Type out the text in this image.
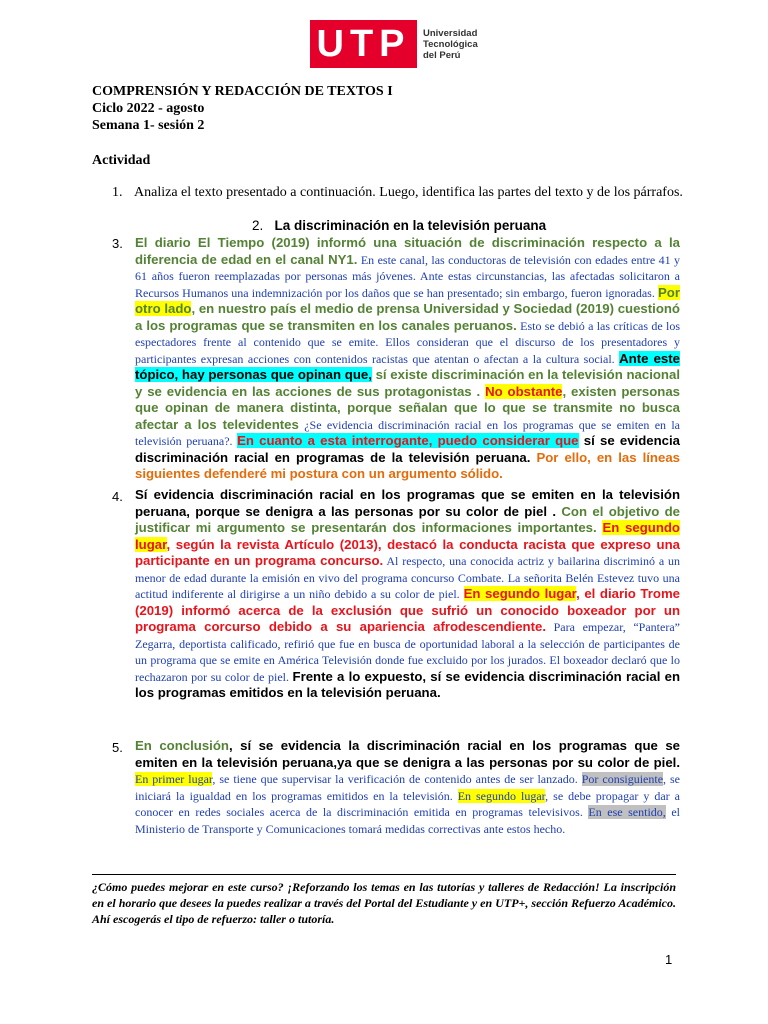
UTP	Universidad
Tecnológica
del Perú
COMPRENSIÓN Y REDACCIÓN DE TEXTOS I
Ciclo 2022 - agosto
Semana 1- sesión 2
Actividad
1. Analiza el texto presentado a continuación. Luego, identifica las partes del texto y de los párrafos.
2. La discriminación en la televisión peruana
3. El diario El Tiempo (2019) informó una situación de discriminación respecto a la diferencia de edad en el canal NY1. En este canal, las conductoras de televisión con edades entre 41 y 61 años fueron reemplazadas por personas más jóvenes. Ante estas circunstancias, las afectadas solicitaron a Recursos Humanos una indemnización por los daños que se han presentado; sin embargo, fueron ignoradas. Por otro lado, en nuestro país el medio de prensa Universidad y Sociedad (2019) cuestionó a los programas que se transmiten en los canales peruanos. Esto se debió a las críticas de los espectadores frente al contenido que se emite. Ellos consideran que el discurso de los presentadores y participantes expresan acciones con contenidos racistas que atentan o afectan a la cultura social. Ante este tópico, hay personas que opinan que, sí existe discriminación en la televisión nacional y se evidencia en las acciones de sus protagonistas . No obstante, existen personas que opinan de manera distinta, porque señalan que lo que se transmite no busca afectar a los televidentes ¿Se evidencia discriminación racial en los programas que se emiten en la televisión peruana?. En cuanto a esta interrogante, puedo considerar que sí se evidencia discriminación racial en programas de la televisión peruana. Por ello, en las líneas siguientes defenderé mi postura con un argumento sólido.
4. Sí evidencia discriminación racial en los programas que se emiten en la televisión peruana, porque se denigra a las personas por su color de piel . Con el objetivo de justificar mi argumento se presentarán dos informaciones importantes. En segundo lugar, según la revista Artículo (2013), destacó la conducta racista que expreso una participante en un programa concurso. Al respecto, una conocida actriz y bailarina discriminó a un menor de edad durante la emisión en vivo del programa concurso Combate. La señorita Belén Estevez tuvo una actitud indiferente al dirigirse a un niño debido a su color de piel. En segundo lugar, el diario Trome (2019) informó acerca de la exclusión que sufrió un conocido boxeador por un programa corcurso debido a su apariencia afrodescendiente. Para empezar, “Pantera” Zegarra, deportista calificado, refirió que fue en busca de oportunidad laboral a la selección de participantes de un programa que se emite en América Televisión donde fue excluido por los jurados. El boxeador declaró que lo rechazaron por su color de piel. Frente a lo expuesto, sí se evidencia discriminación racial en los programas emitidos en la televisión peruana.
5. En conclusión, sí se evidencia la discriminación racial en los programas que se emiten en la televisión peruana,ya que se denigra a las personas por su color de piel. En primer lugar, se tiene que supervisar la verificación de contenido antes de ser lanzado. Por consiguiente, se iniciará la igualdad en los programas emitidos en la televisión. En segundo lugar, se debe propagar y dar a conocer en redes sociales acerca de la discriminación emitida en programas televisivos. En ese sentido, el Ministerio de Transporte y Comunicaciones tomará medidas correctivas ante estos hecho.
¿Cómo puedes mejorar en este curso? ¡Reforzando los temas en las tutorías y talleres de Redacción! La inscripción en el horario que desees la puedes realizar a través del Portal del Estudiante y en UTP+, sección Refuerzo Académico. Ahí escogerás el tipo de refuerzo: taller o tutoría.
1
